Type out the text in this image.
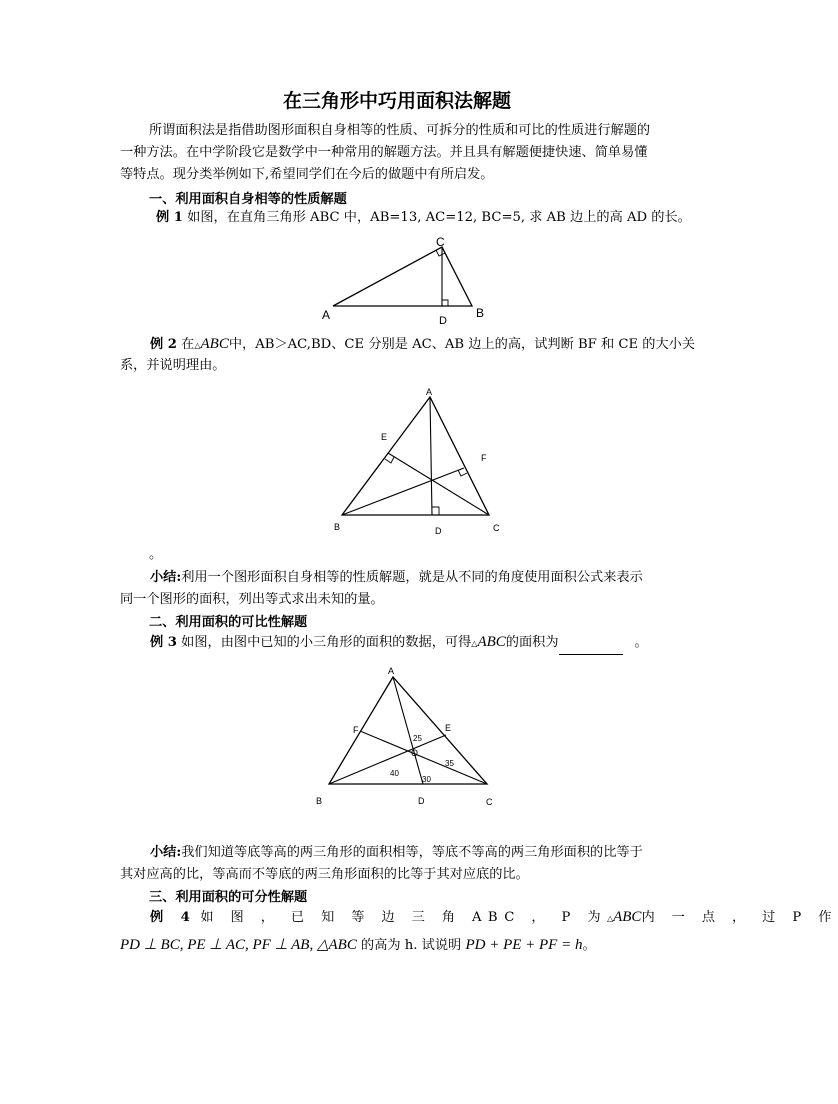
在三角形中巧用面积法解题
所谓面积法是指借助图形面积自身相等的性质、可拆分的性质和可比的性质进行解题的
一种方法。在中学阶段它是数学中一种常用的解题方法。并且具有解题便捷快速、简单易懂
等特点。现分类举例如下,希望同学们在今后的做题中有所启发。
一、利用面积自身相等的性质解题
例 1 如图，在直角三角形 ABC 中，AB=13, AC=12, BC=5, 求 AB 边上的高 AD 的长。
A
C
D
B
例 2 在△ABC中，AB＞AC,BD、CE 分别是 AC、AB 边上的高，试判断 BF 和 CE 的大小关
系，并说明理由。
A
E
F
B	D	C
。
小结:利用一个图形面积自身相等的性质解题，就是从不同的角度使用面积公式来表示
同一个图形的面积，列出等式求出未知的量。
二、利用面积的可比性解题
例 3 如图，由图中已知的小三角形的面积的数据，可得△ABC的面积为	。
A
F	E
O
25
35
40
30
B	D	C
小结:我们知道等底等高的两三角形的面积相等，等底不等高的两三角形面积的比等于
其对应高的比，等高而不等底的两三角形面积的比等于其对应底的比。
三、利用面积的可分性解题
例 4 如 图 ， 已 知 等 边 三 角 ABC ， P 为△ABC内 一 点 ， 过 P 作
PD ⊥ BC, PE ⊥ AC, PF ⊥ AB, △ABC 的高为 h. 试说明 PD + PE + PF = h。
